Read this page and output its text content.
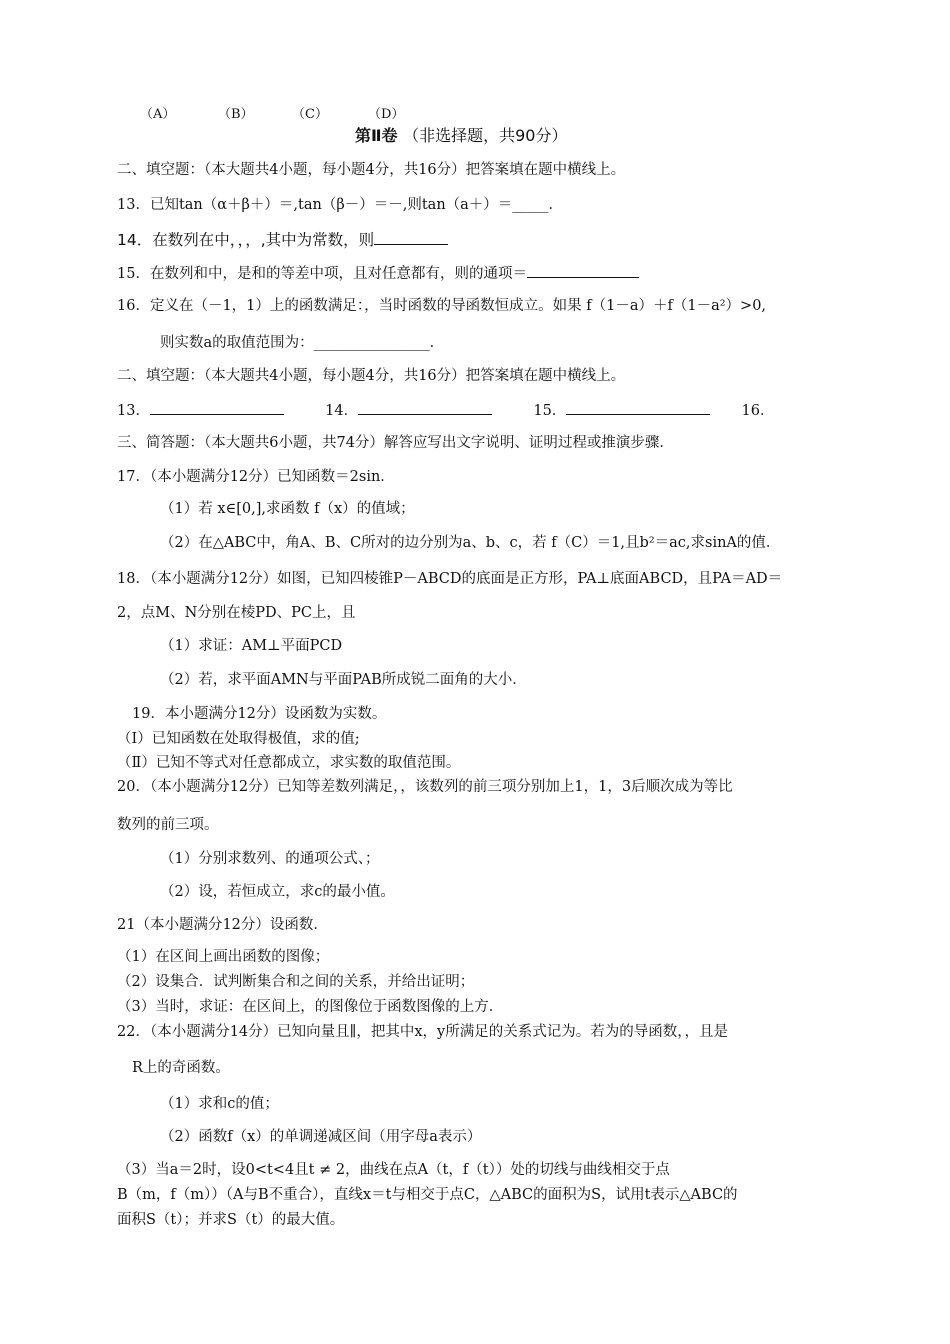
（A）	（B）	（C）	（D）
第Ⅱ卷 （非选择题，共90分）
二、填空题：（本大题共4小题，每小题4分，共16分）把答案填在题中横线上。
13．已知tan（α＋β＋）＝,tan（β－）＝－,则tan（a＋）＝_____．
14．在数列在中，，，,其中为常数，则
15．在数列和中，是和的等差中项，且对任意都有，则的通项＝
16．定义在（－1，1）上的函数满足：，当时函数的导函数恒成立。如果 f（1－a）＋f（1－a²）>0,
则实数a的取值范围为：________________．
二、填空题：（本大题共4小题，每小题4分，共16分）把答案填在题中横线上。
13．	14．	15．	16．
三、简答题：（本大题共6小题，共74分）解答应写出文字说明、证明过程或推演步骤．
17．（本小题满分12分）已知函数＝2sin．
（1）若 x∈[0,],求函数 f（x）的值域；
（2）在△ABC中，角A、B、C所对的边分别为a、b、c，若 f（C）＝1,且b²＝ac,求sinA的值．
18．（本小题满分12分）如图，已知四棱锥P－ABCD的底面是正方形，PA⊥底面ABCD，且PA＝AD＝
2，点M、N分别在棱PD、PC上，且
（1）求证：AM⊥平面PCD
（2）若，求平面AMN与平面PAB所成锐二面角的大小．
19．本小题满分12分）设函数为实数。
（Ⅰ）已知函数在处取得极值，求的值;
（Ⅱ）已知不等式对任意都成立，求实数的取值范围。
20．（本小题满分12分）已知等差数列满足，，该数列的前三项分别加上1，1，3后顺次成为等比
数列的前三项。
（1）分别求数列、的通项公式、；
（2）设，若恒成立，求c的最小值。
21（本小题满分12分）设函数．
（1）在区间上画出函数的图像；
（2）设集合．试判断集合和之间的关系，并给出证明；
（3）当时，求证：在区间上，的图像位于函数图像的上方．
22．（本小题满分14分）已知向量且∥，把其中x，y所满足的关系式记为。若为的导函数，，且是
R上的奇函数。
（1）求和c的值；
（2）函数f（x）的单调递减区间（用字母a表示）
（3）当a＝2时，设0<t<4且t ≠ 2，曲线在点A（t，f（t））处的切线与曲线相交于点
B（m，f（m））（A与B不重合），直线x＝t与相交于点C，△ABC的面积为S，试用t表示△ABC的
面积S（t）；并求S（t）的最大值。
